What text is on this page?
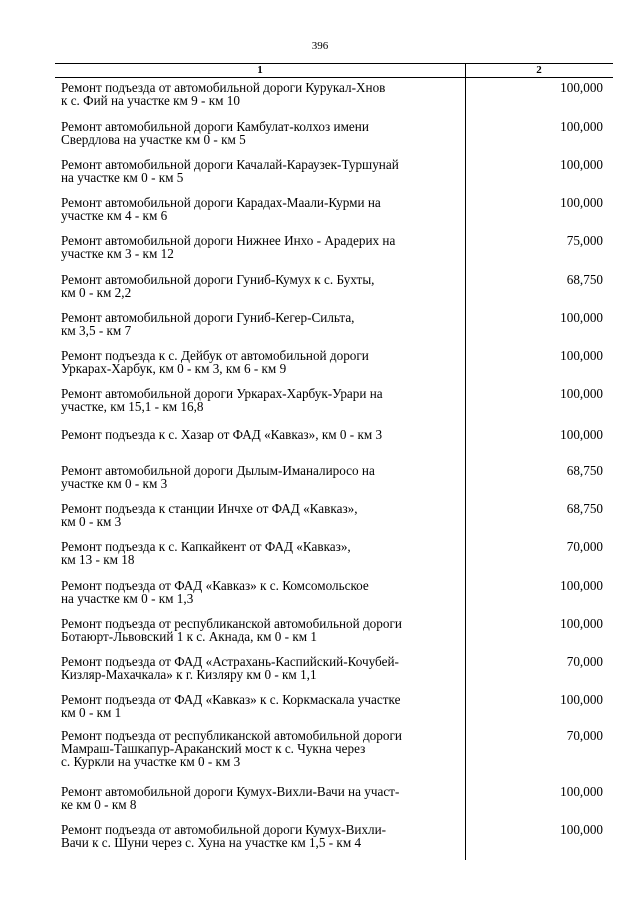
396
1	2
Ремонт подъезда от автомобильной дороги Курукал-Хнов
к с. Фий на участке км 9 - км 10
100,000
Ремонт автомобильной дороги Камбулат-колхоз имени
Свердлова на участке км 0 - км 5
100,000
Ремонт автомобильной дороги Качалай-Караузек-Туршунай
на участке км 0 - км 5
100,000
Ремонт автомобильной дороги Карадах-Маали-Курми на
участке км 4 - км 6
100,000
Ремонт автомобильной дороги Нижнее Инхо - Арадерих на
участке км 3 - км 12
75,000
Ремонт автомобильной дороги Гуниб-Кумух к с. Бухты,
км 0 - км 2,2
68,750
Ремонт автомобильной дороги Гуниб-Кегер-Сильта,
км 3,5 - км 7
100,000
Ремонт подъезда к с. Дейбук от автомобильной дороги
Уркарах-Харбук, км 0 - км 3, км 6 - км 9
100,000
Ремонт автомобильной дороги Уркарах-Харбук-Урари на
участке, км 15,1 - км 16,8
100,000
Ремонт подъезда к с. Хазар от ФАД «Кавказ», км 0 - км 3	100,000
Ремонт автомобильной дороги Дылым-Иманалиросо на
участке км 0 - км 3
68,750
Ремонт подъезда к станции Инчхе от ФАД «Кавказ»,
км 0 - км 3
68,750
Ремонт подъезда к с. Капкайкент от ФАД «Кавказ»,
км 13 - км 18
70,000
Ремонт подъезда от ФАД «Кавказ» к с. Комсомольское
на участке км 0 - км 1,3
100,000
Ремонт подъезда от республиканской автомобильной дороги
Ботаюрт-Львовский 1 к с. Акнада, км 0 - км 1
100,000
Ремонт подъезда от ФАД «Астрахань-Каспийский-Кочубей-
Кизляр-Махачкала» к г. Кизляру км 0 - км 1,1
70,000
Ремонт подъезда от ФАД «Кавказ» к с. Коркмаскала участке
км 0 - км 1
100,000
Ремонт подъезда от республиканской автомобильной дороги
Мамраш-Ташкапур-Араканский мост к с. Чукна через
с. Куркли на участке км 0 - км 3
70,000
Ремонт автомобильной дороги Кумух-Вихли-Вачи на участ-
ке км 0 - км 8
100,000
Ремонт подъезда от автомобильной дороги Кумух-Вихли-
Вачи к с. Шуни через с. Хуна на участке км 1,5 - км 4
100,000
